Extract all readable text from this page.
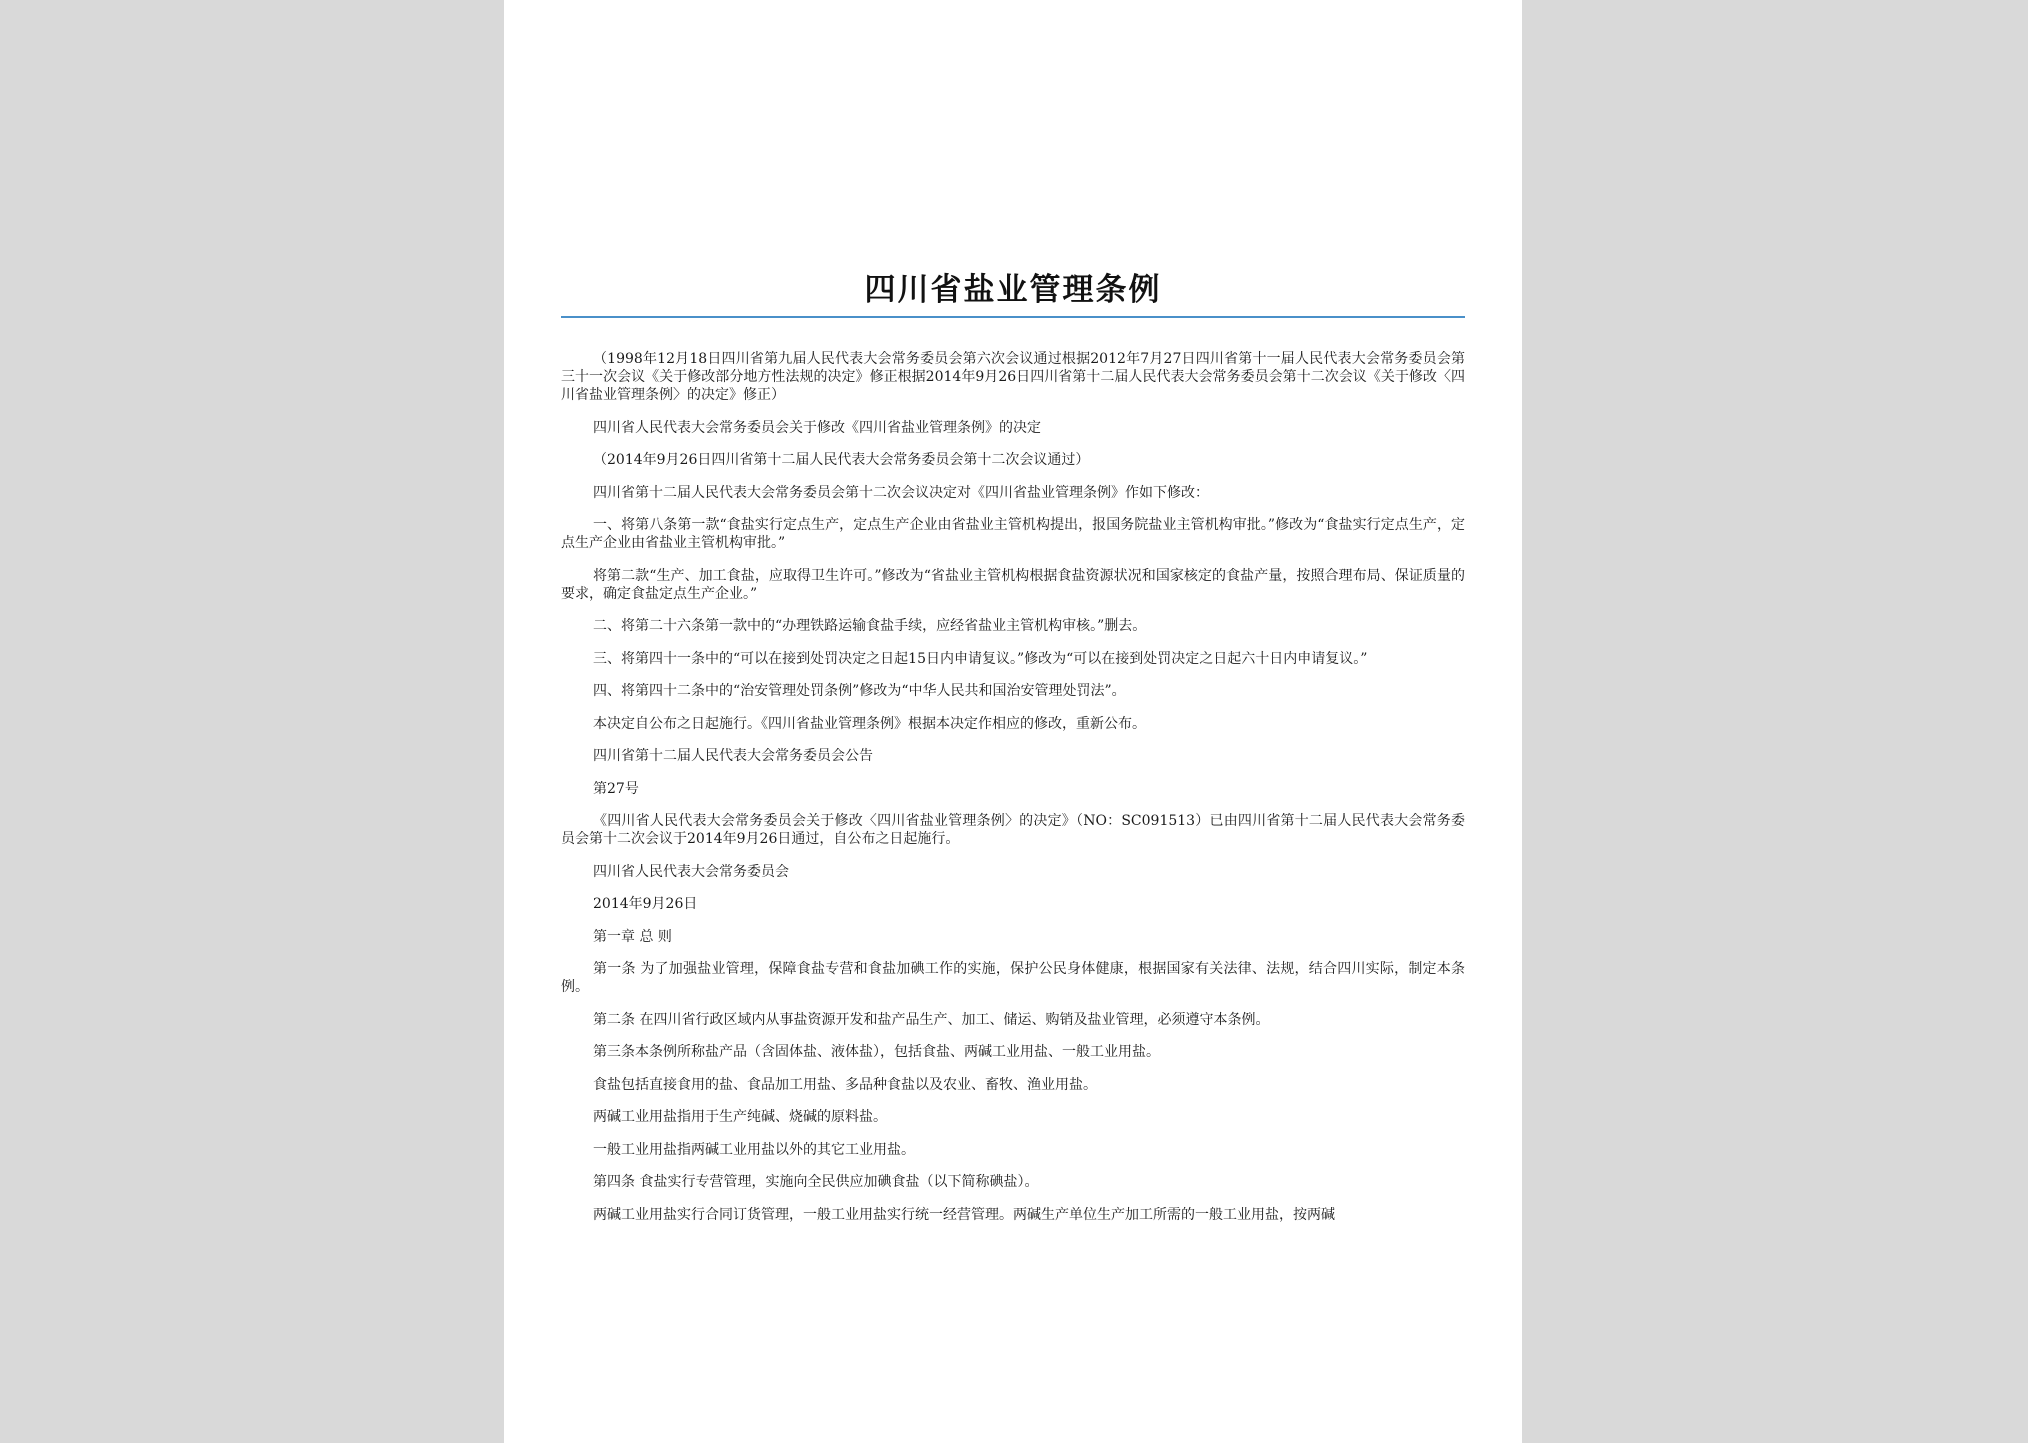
四川省盐业管理条例

（1998年12月18日四川省第九届人民代表大会常务委员会第六次会议通过根据2012年7月27日四川省第十一届人民代表大会常务委员会第三十一次会议《关于修改部分地方性法规的决定》修正根据2014年9月26日四川省第十二届人民代表大会常务委员会第十二次会议《关于修改〈四川省盐业管理条例〉的决定》修正）

四川省人民代表大会常务委员会关于修改《四川省盐业管理条例》的决定

（2014年9月26日四川省第十二届人民代表大会常务委员会第十二次会议通过）

四川省第十二届人民代表大会常务委员会第十二次会议决定对《四川省盐业管理条例》作如下修改：

一、将第八条第一款“食盐实行定点生产，定点生产企业由省盐业主管机构提出，报国务院盐业主管机构审批。”修改为“食盐实行定点生产，定点生产企业由省盐业主管机构审批。”

将第二款“生产、加工食盐，应取得卫生许可。”修改为“省盐业主管机构根据食盐资源状况和国家核定的食盐产量，按照合理布局、保证质量的要求，确定食盐定点生产企业。”

二、将第二十六条第一款中的“办理铁路运输食盐手续，应经省盐业主管机构审核。”删去。

三、将第四十一条中的“可以在接到处罚决定之日起15日内申请复议。”修改为“可以在接到处罚决定之日起六十日内申请复议。”

四、将第四十二条中的“治安管理处罚条例”修改为“中华人民共和国治安管理处罚法”。

本决定自公布之日起施行。《四川省盐业管理条例》根据本决定作相应的修改，重新公布。

四川省第十二届人民代表大会常务委员会公告

第27号

《四川省人民代表大会常务委员会关于修改〈四川省盐业管理条例〉的决定》（NO：SC091513）已由四川省第十二届人民代表大会常务委员会第十二次会议于2014年9月26日通过，自公布之日起施行。

四川省人民代表大会常务委员会

2014年9月26日

第一章 总 则

第一条 为了加强盐业管理，保障食盐专营和食盐加碘工作的实施，保护公民身体健康，根据国家有关法律、法规，结合四川实际，制定本条例。

第二条 在四川省行政区域内从事盐资源开发和盐产品生产、加工、储运、购销及盐业管理，必须遵守本条例。

第三条本条例所称盐产品（含固体盐、液体盐），包括食盐、两碱工业用盐、一般工业用盐。

食盐包括直接食用的盐、食品加工用盐、多品种食盐以及农业、畜牧、渔业用盐。

两碱工业用盐指用于生产纯碱、烧碱的原料盐。

一般工业用盐指两碱工业用盐以外的其它工业用盐。

第四条 食盐实行专营管理，实施向全民供应加碘食盐（以下简称碘盐）。

两碱工业用盐实行合同订货管理，一般工业用盐实行统一经营管理。两碱生产单位生产加工所需的一般工业用盐，按两碱
